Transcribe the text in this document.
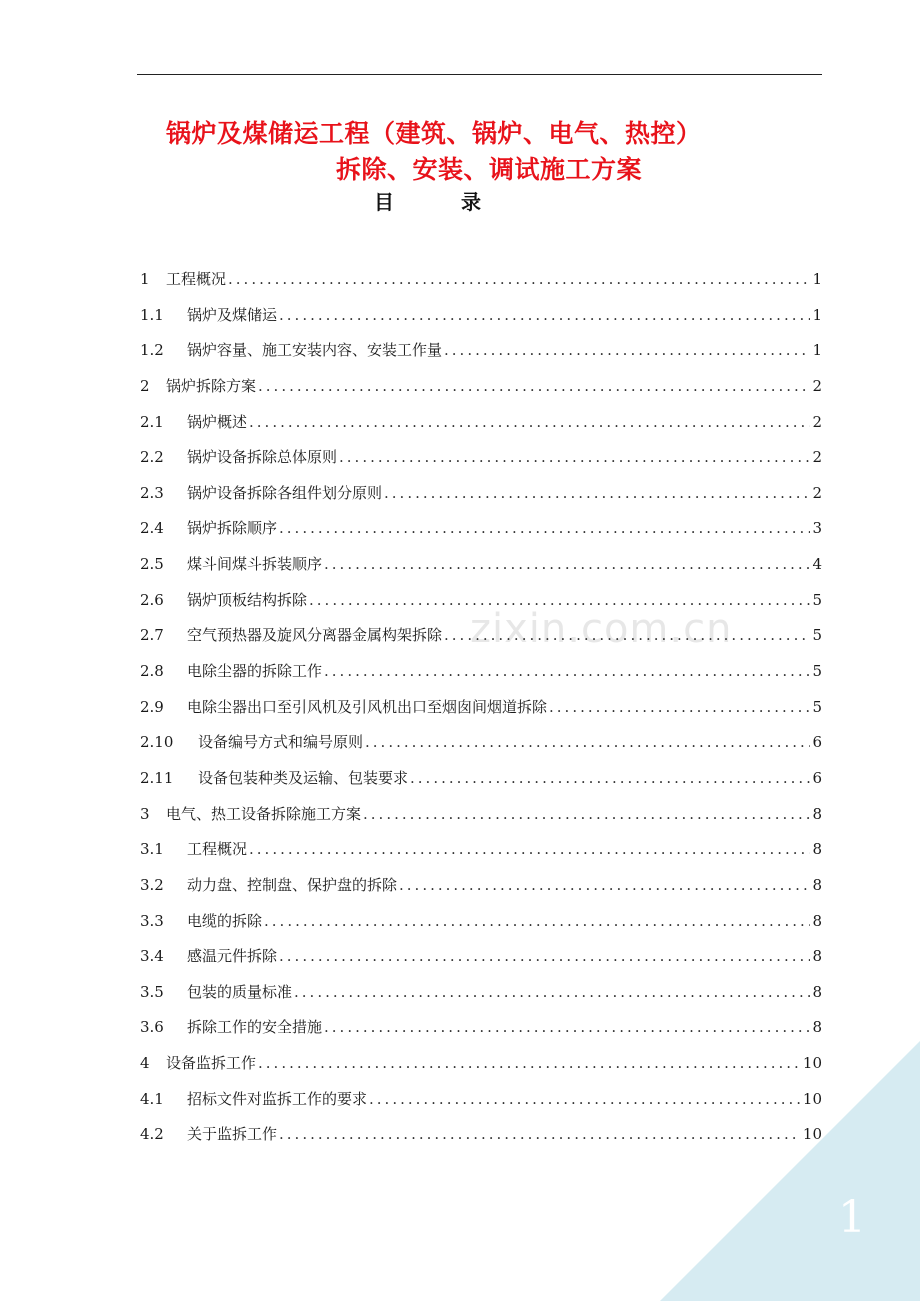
锅炉及煤储运工程（建筑、锅炉、电气、热控）
拆除、安装、调试施工方案
目 录
zixin.com.cn
1	工程概况 .....	1
1.1	锅炉及煤储运 .....	1
1.2	锅炉容量、施工安装内容、安装工作量 .....	1
2	锅炉拆除方案 .....	2
2.1	锅炉概述 .....	2
2.2	锅炉设备拆除总体原则 .....	2
2.3	锅炉设备拆除各组件划分原则 .....	2
2.4	锅炉拆除顺序 .....	3
2.5	煤斗间煤斗拆装顺序 .....	4
2.6	锅炉顶板结构拆除 .....	5
2.7	空气预热器及旋风分离器金属构架拆除 .....	5
2.8	电除尘器的拆除工作 .....	5
2.9	电除尘器出口至引风机及引风机出口至烟囱间烟道拆除 .....	5
2.10	设备编号方式和编号原则 .....	6
2.11	设备包装种类及运输、包装要求 .....	6
3	电气、热工设备拆除施工方案 .....	8
3.1	工程概况 .....	8
3.2	动力盘、控制盘、保护盘的拆除 .....	8
3.3	电缆的拆除 .....	8
3.4	感温元件拆除 .....	8
3.5	包装的质量标准 .....	8
3.6	拆除工作的安全措施 .....	8
4	设备监拆工作 .....	10
4.1	招标文件对监拆工作的要求 .....	10
4.2	关于监拆工作 .....	10
1
